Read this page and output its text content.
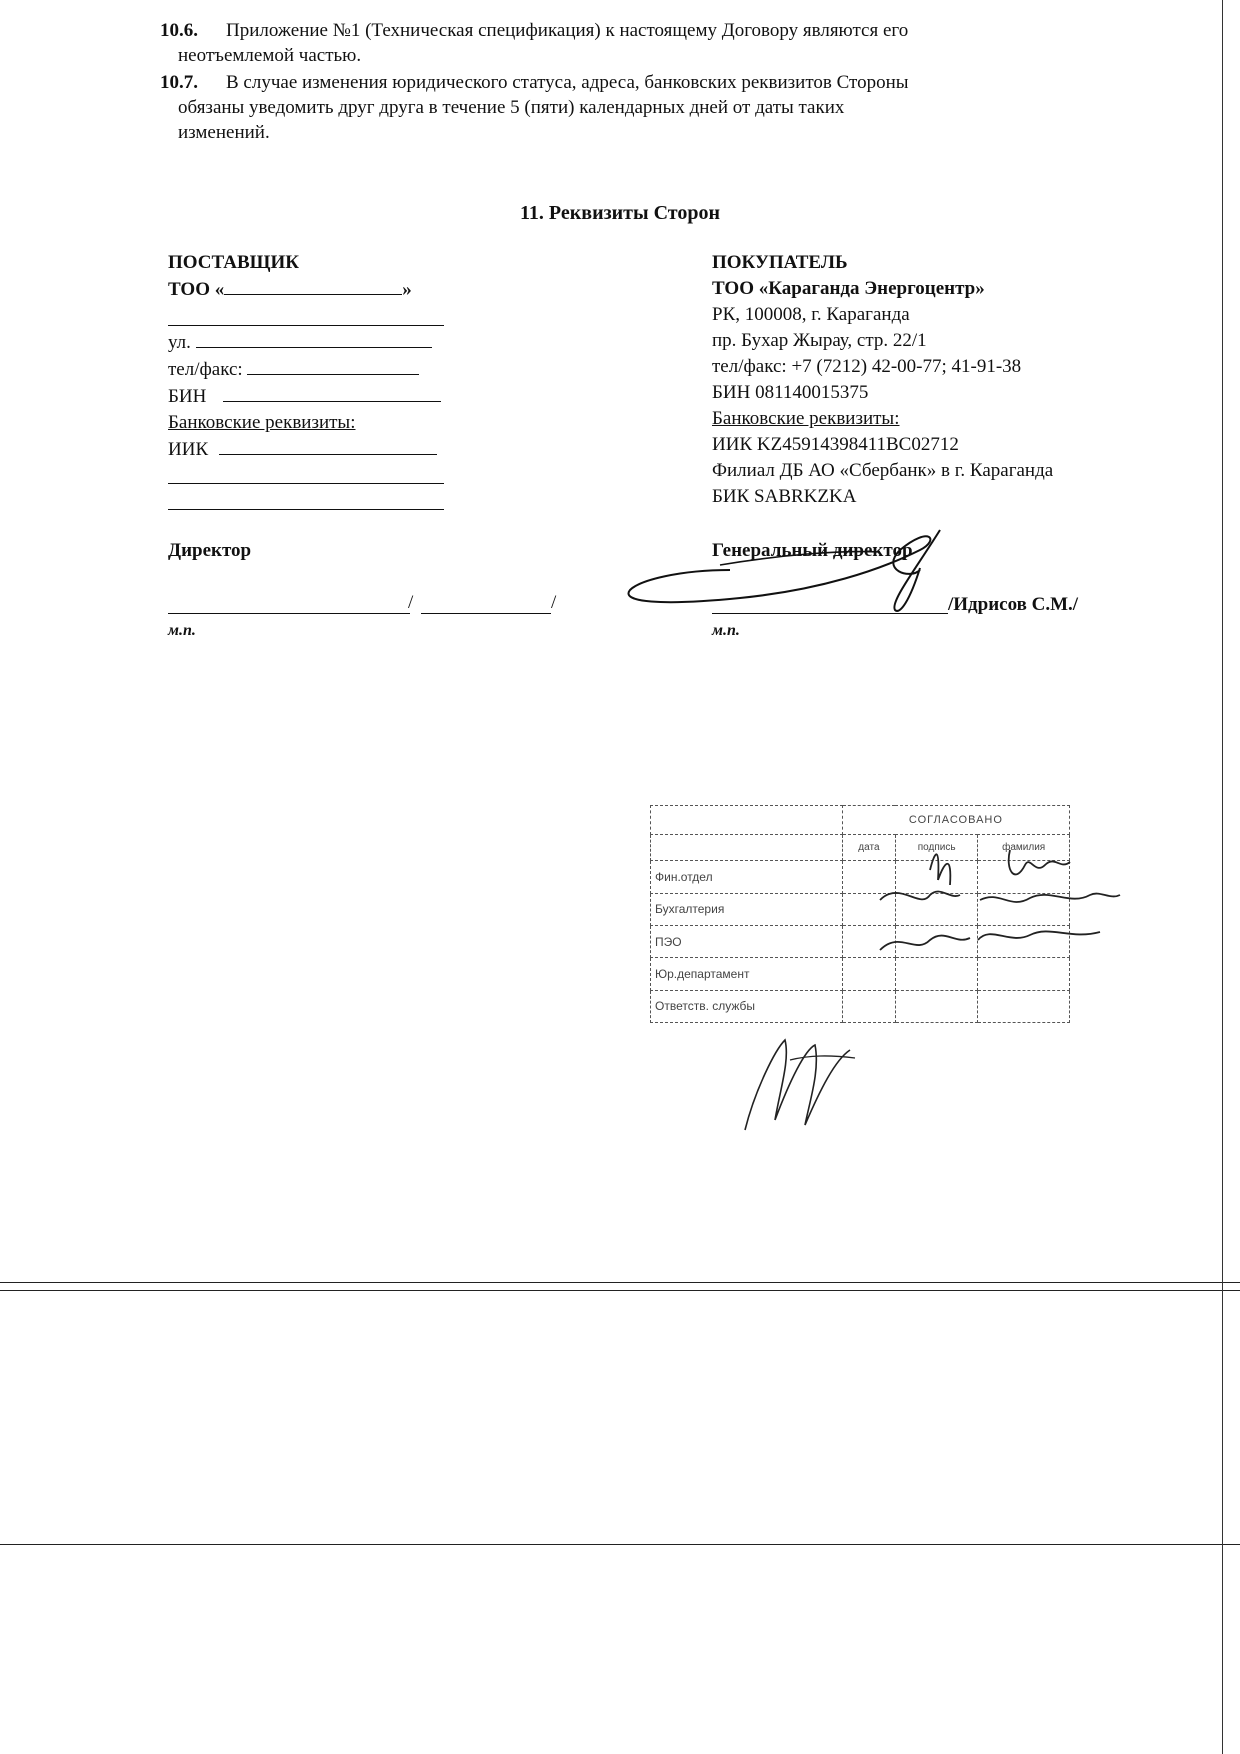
10.6. Приложение №1 (Техническая спецификация) к настоящему Договору являются его
неотъемлемой частью.
10.7. В случае изменения юридического статуса, адреса, банковских реквизитов Стороны
обязаны уведомить друг друга в течение 5 (пяти) календарных дней от даты таких
изменений.
11. Реквизиты Сторон
ПОСТАВЩИК
ТОО «	»
ул.
тел/факс:
БИН
Банковские реквизиты:
ИИК
Директор
/	/
м.п.
ПОКУПАТЕЛЬ
ТОО «Караганда Энергоцентр»
РК, 100008, г. Караганда
пр. Бухар Жырау, стр. 22/1
тел/факс: +7 (7212) 42-00-77; 41-91-38
БИН 081140015375
Банковские реквизиты:
ИИК KZ45914398411BC02712
Филиал ДБ АО «Сбербанк» в г. Караганда
БИК SABRKZKA
Генеральный директор
/Идрисов С.М./
м.п.
	СОГЛАСОВАНО		
	дата	подпись	фамилия
Фин.отдел			
Бухгалтерия			
ПЭО			
Юр.департамент			
Ответств. службы			
